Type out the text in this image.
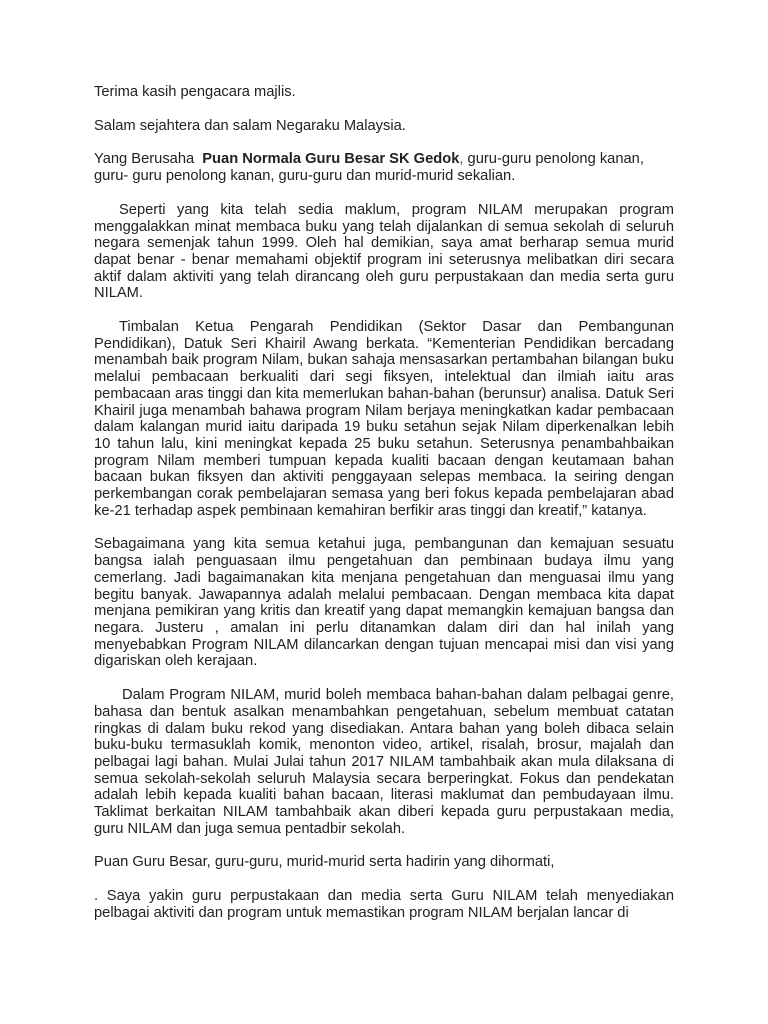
Terima kasih pengacara majlis.

Salam sejahtera dan salam Negaraku Malaysia.

Yang Berusaha Puan Normala Guru Besar SK Gedok, guru-guru penolong kanan, guru- guru penolong kanan, guru-guru dan murid-murid sekalian.

Seperti yang kita telah sedia maklum, program NILAM merupakan program menggalakkan minat membaca buku yang telah dijalankan di semua sekolah di seluruh negara semenjak tahun 1999. Oleh hal demikian, saya amat berharap semua murid dapat benar - benar memahami objektif program ini seterusnya melibatkan diri secara aktif dalam aktiviti yang telah dirancang oleh guru perpustakaan dan media serta guru NILAM.

Timbalan Ketua Pengarah Pendidikan (Sektor Dasar dan Pembangunan Pendidikan), Datuk Seri Khairil Awang berkata. “Kementerian Pendidikan bercadang menambah baik program Nilam, bukan sahaja mensasarkan pertambahan bilangan buku melalui pembacaan berkualiti dari segi fiksyen, intelektual dan ilmiah iaitu aras pembacaan aras tinggi dan kita memerlukan bahan-bahan (berunsur) analisa. Datuk Seri Khairil juga menambah bahawa program Nilam berjaya meningkatkan kadar pembacaan dalam kalangan murid iaitu daripada 19 buku setahun sejak Nilam diperkenalkan lebih 10 tahun lalu, kini meningkat kepada 25 buku setahun. Seterusnya penambahbaikan program Nilam memberi tumpuan kepada kualiti bacaan dengan keutamaan bahan bacaan bukan fiksyen dan aktiviti penggayaan selepas membaca. Ia seiring dengan perkembangan corak pembelajaran semasa yang beri fokus kepada pembelajaran abad ke-21 terhadap aspek pembinaan kemahiran berfikir aras tinggi dan kreatif,” katanya.

Sebagaimana yang kita semua ketahui juga, pembangunan dan kemajuan sesuatu bangsa ialah penguasaan ilmu pengetahuan dan pembinaan budaya ilmu yang cemerlang. Jadi bagaimanakan kita menjana pengetahuan dan menguasai ilmu yang begitu banyak. Jawapannya adalah melalui pembacaan. Dengan membaca kita dapat menjana pemikiran yang kritis dan kreatif yang dapat memangkin kemajuan bangsa dan negara. Justeru , amalan ini perlu ditanamkan dalam diri dan hal inilah yang menyebabkan Program NILAM dilancarkan dengan tujuan mencapai misi dan visi yang digariskan oleh kerajaan.

Dalam Program NILAM, murid boleh membaca bahan-bahan dalam pelbagai genre, bahasa dan bentuk asalkan menambahkan pengetahuan, sebelum membuat catatan ringkas di dalam buku rekod yang disediakan. Antara bahan yang boleh dibaca selain buku-buku termasuklah komik, menonton video, artikel, risalah, brosur, majalah dan pelbagai lagi bahan. Mulai Julai tahun 2017 NILAM tambahbaik akan mula dilaksana di semua sekolah-sekolah seluruh Malaysia secara berperingkat. Fokus dan pendekatan adalah lebih kepada kualiti bahan bacaan, literasi maklumat dan pembudayaan ilmu. Taklimat berkaitan NILAM tambahbaik akan diberi kepada guru perpustakaan media, guru NILAM dan juga semua pentadbir sekolah.

Puan Guru Besar, guru-guru, murid-murid serta hadirin yang dihormati,

. Saya yakin guru perpustakaan dan media serta Guru NILAM telah menyediakan pelbagai aktiviti dan program untuk memastikan program NILAM berjalan lancar di
